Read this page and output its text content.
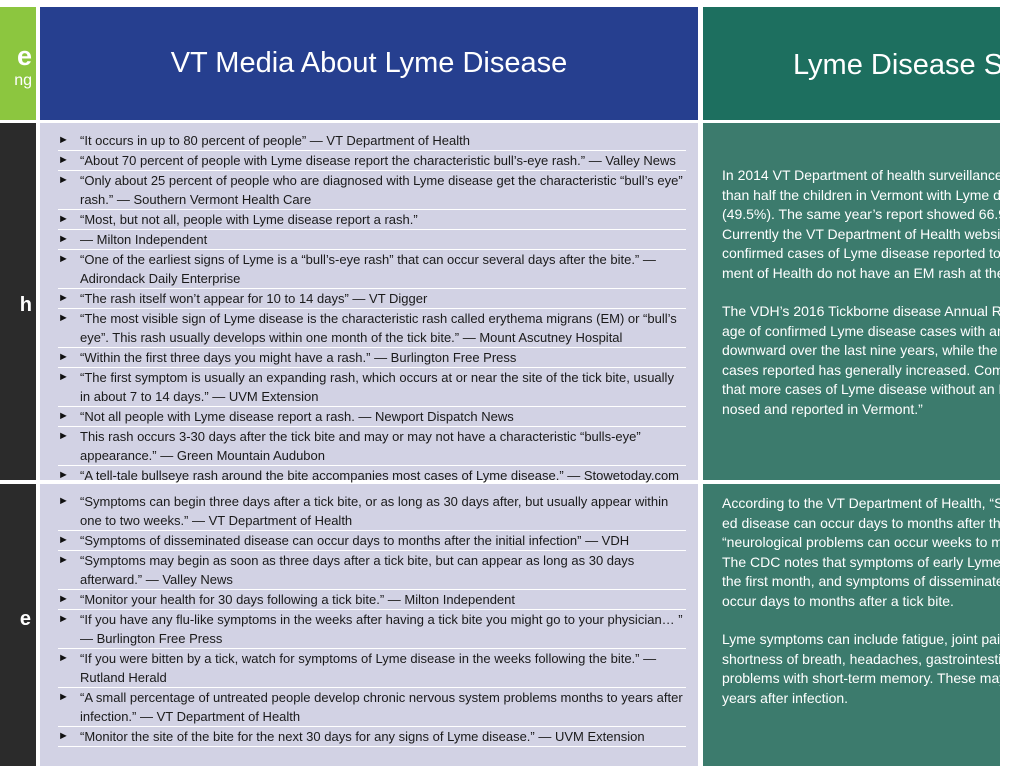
e
ng
VT Media About Lyme Disease	Lyme Disease Sur
h
e
► “It occurs in up to 80 percent of people” — VT Department of Health
► “About 70 percent of people with Lyme disease report the characteristic bull’s-eye rash.” — Valley News
► “Only about 25 percent of people who are diagnosed with Lyme disease get the characteristic “bull’s eye” rash.” — Southern Vermont Health Care
► “Most, but not all, people with Lyme disease report a rash.”
► — Milton Independent
► “One of the earliest signs of Lyme is a “bull’s-eye rash” that can occur several days after the bite.” — Adirondack Daily Enterprise
► “The rash itself won’t appear for 10 to 14 days” — VT Digger
► “The most visible sign of Lyme disease is the characteristic rash called erythema migrans (EM) or “bull’s eye”. This rash usually develops within one month of the tick bite.” — Mount Ascutney Hospital
► “Within the first three days you might have a rash.” — Burlington Free Press
► “The first symptom is usually an expanding rash, which occurs at or near the site of the tick bite, usually in about 7 to 14 days.” — UVM Extension
► “Not all people with Lyme disease report a rash. — Newport Dispatch News
► This rash occurs 3-30 days after the tick bite and may or may not have a characteristic “bulls-eye” appearance.” — Green Mountain Audubon
► “A tell-tale bullseye rash around the bite accompanies most cases of Lyme disease.” — Stowetoday.com
► “Symptoms can begin three days after a tick bite, or as long as 30 days after, but usually appear within one to two weeks.” — VT Department of Health
► “Symptoms of disseminated disease can occur days to months after the initial infection” — VDH
► “Symptoms may begin as soon as three days after a tick bite, but can appear as long as 30 days afterward.” — Valley News
► “Monitor your health for 30 days following a tick bite.” — Milton Independent
► “If you have any flu-like symptoms in the weeks after having a tick bite you might go to your physician… ” — Burlington Free Press
► “If you were bitten by a tick, watch for symptoms of Lyme disease in the weeks following the bite.” — Rutland Herald
► “A small percentage of untreated people develop chronic nervous system problems months to years after infection.” — VT Department of Health
► “Monitor the site of the bite for the next 30 days for any signs of Lyme disease.” — UVM Extension

In 2014 VT Department of health surveillance r
than half the children in Vermont with Lyme d
(49.5%). The same year’s report showed 66.9%
Currently the VT Department of Health website
confirmed cases of Lyme disease reported to t
ment of Health do not have an EM rash at the t

The VDH’s 2016 Tickborne disease Annual Rep
age of confirmed Lyme disease cases with an
downward over the last nine years, while the n
cases reported has generally increased. Comb
that more cases of Lyme disease without an E
nosed and reported in Vermont.”

According to the VT Department of Health, “S
ed disease can occur days to months after the
“neurological problems can occur weeks to m
The CDC notes that symptoms of early Lyme d
the first month, and symptoms of disseminate
occur days to months after a tick bite.

Lyme symptoms can include fatigue, joint pain
shortness of breath, headaches, gastrointestin
problems with short-term memory. These may
years after infection.
